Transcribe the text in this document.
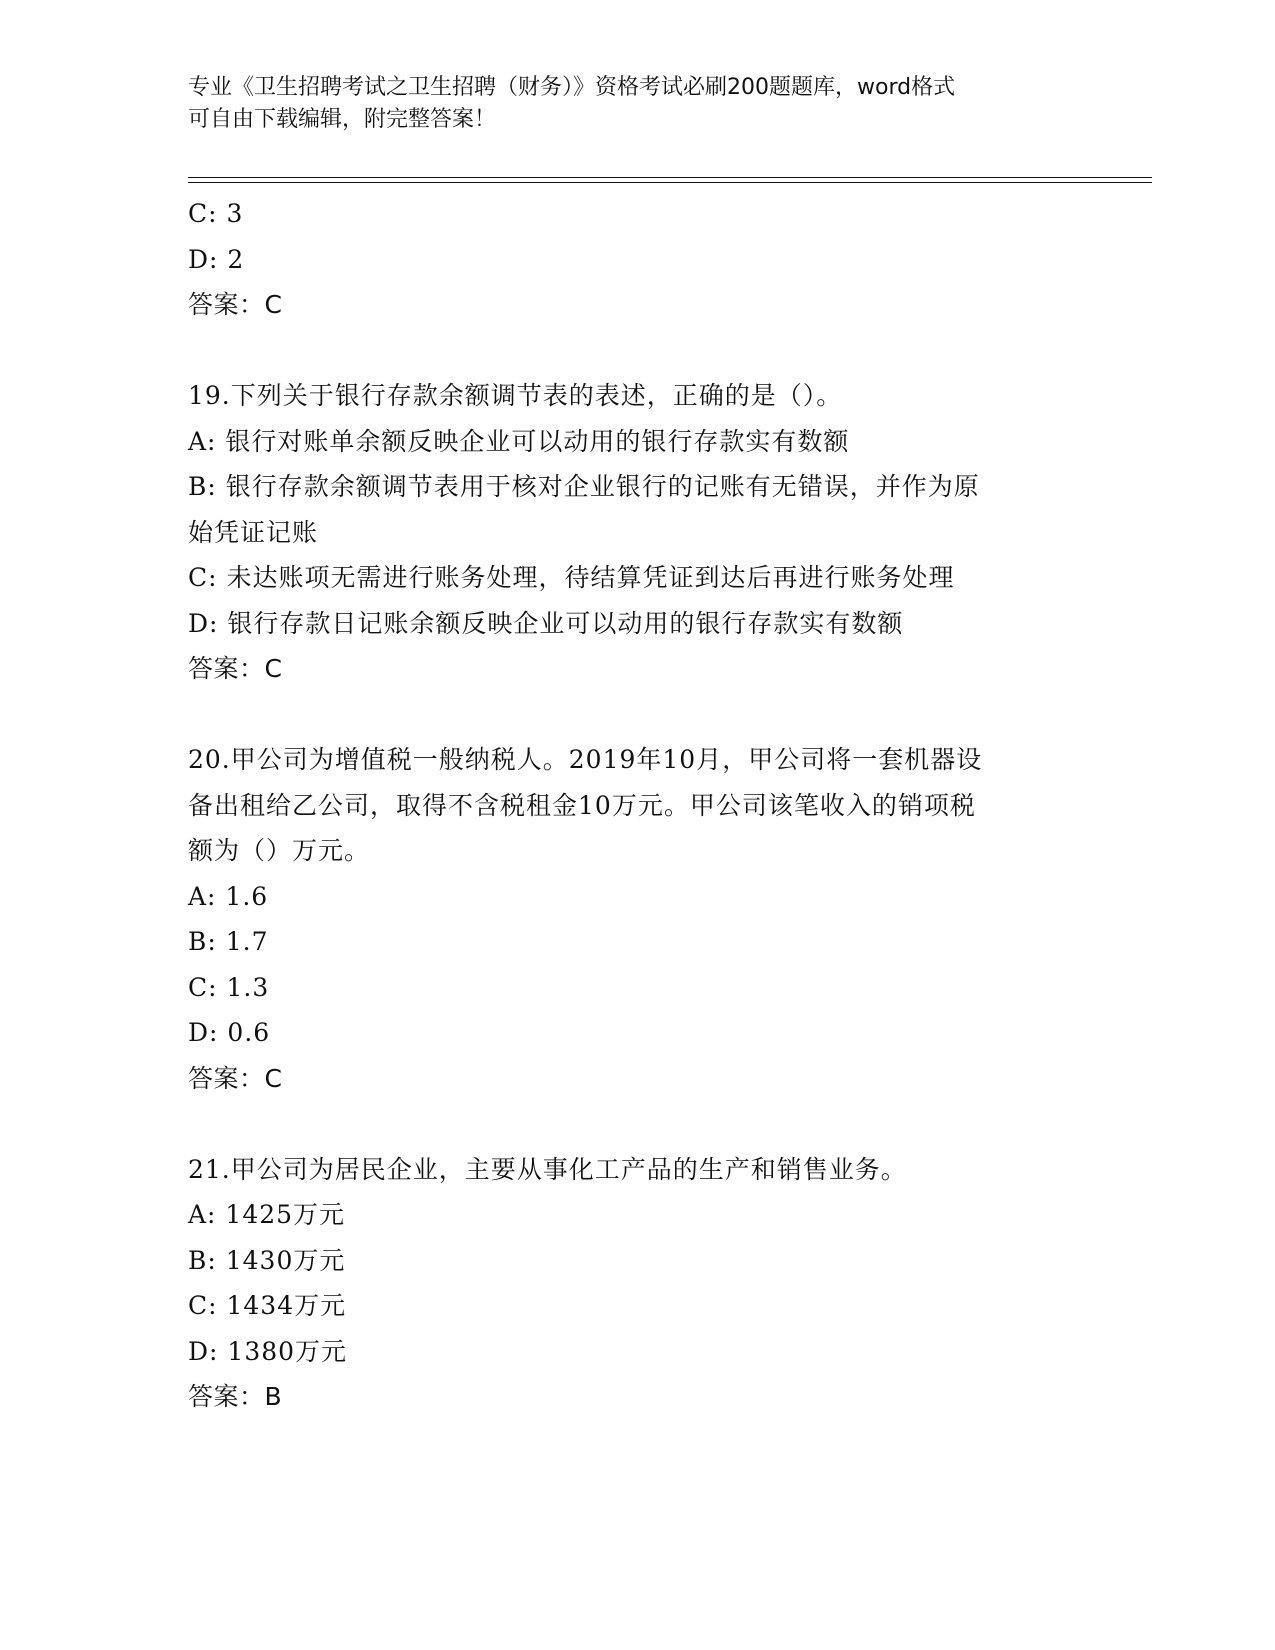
专业《卫生招聘考试之卫生招聘（财务）》资格考试必刷200题题库，word格式
可自由下载编辑，附完整答案！
C: 3
D: 2
答案：C
19.下列关于银行存款余额调节表的表述，正确的是（）。
A: 银行对账单余额反映企业可以动用的银行存款实有数额
B: 银行存款余额调节表用于核对企业银行的记账有无错误，并作为原
始凭证记账
C: 未达账项无需进行账务处理，待结算凭证到达后再进行账务处理
D: 银行存款日记账余额反映企业可以动用的银行存款实有数额
答案：C
20.甲公司为增值税一般纳税人。2019年10月，甲公司将一套机器设
备出租给乙公司，取得不含税租金10万元。甲公司该笔收入的销项税
额为（）万元。
A: 1.6
B: 1.7
C: 1.3
D: 0.6
答案：C
21.甲公司为居民企业，主要从事化工产品的生产和销售业务。
A: 1425万元
B: 1430万元
C: 1434万元
D: 1380万元
答案：B
